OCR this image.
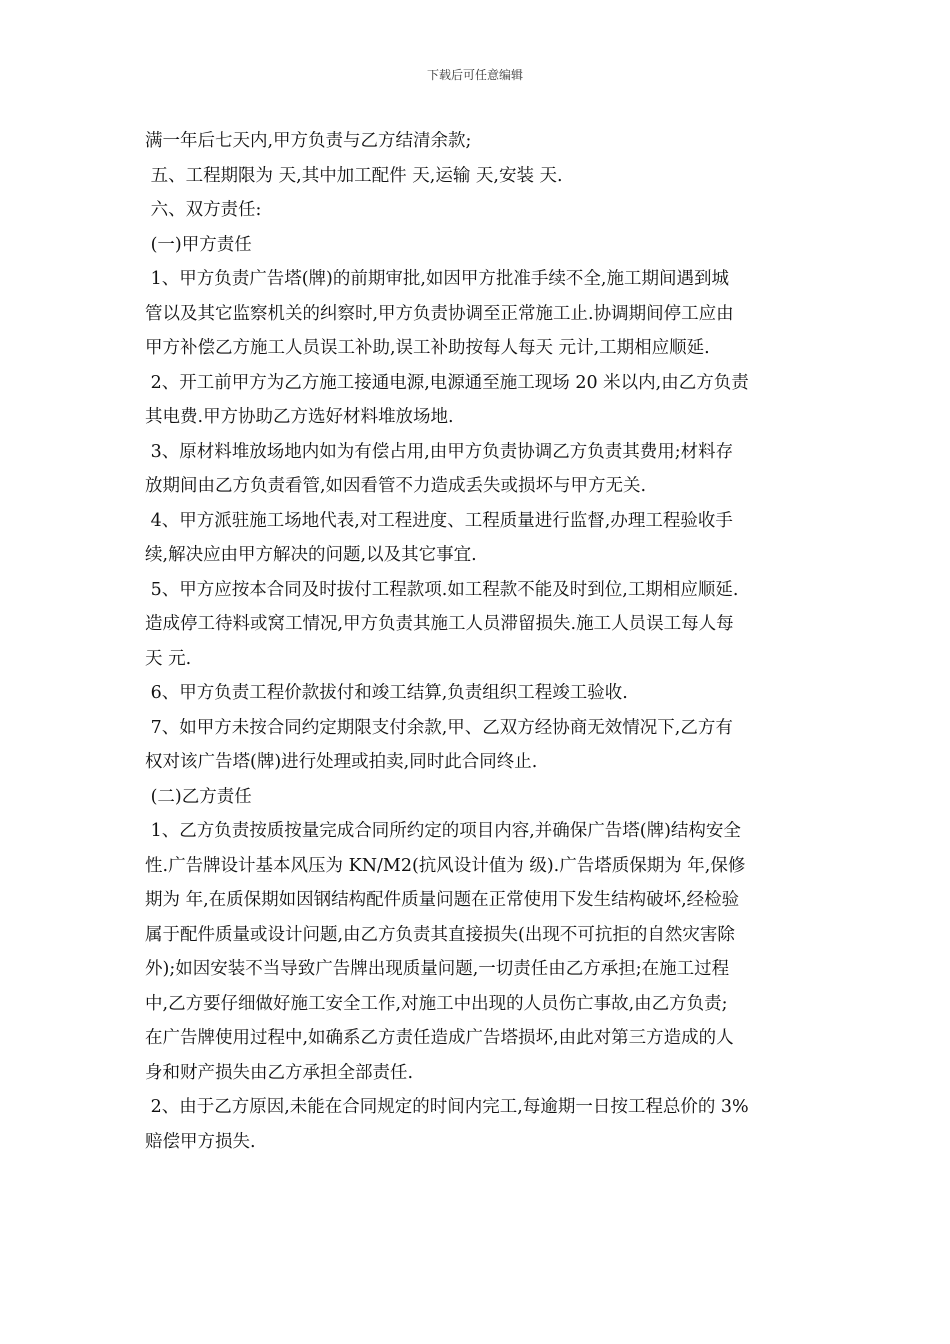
下载后可任意编辑
满一年后七天内,甲方负责与乙方结清余款;
五、工程期限为 天,其中加工配件 天,运输 天,安装 天.
六、双方责任:
(一)甲方责任
1、甲方负责广告塔(牌)的前期审批,如因甲方批准手续不全,施工期间遇到城
管以及其它监察机关的纠察时,甲方负责协调至正常施工止.协调期间停工应由
甲方补偿乙方施工人员误工补助,误工补助按每人每天 元计,工期相应顺延.
2、开工前甲方为乙方施工接通电源,电源通至施工现场 20 米以内,由乙方负责
其电费.甲方协助乙方选好材料堆放场地.
3、原材料堆放场地内如为有偿占用,由甲方负责协调乙方负责其费用;材料存
放期间由乙方负责看管,如因看管不力造成丢失或损坏与甲方无关.
4、甲方派驻施工场地代表,对工程进度、工程质量进行监督,办理工程验收手
续,解决应由甲方解决的问题,以及其它事宜.
5、甲方应按本合同及时拔付工程款项.如工程款不能及时到位,工期相应顺延.
造成停工待料或窝工情况,甲方负责其施工人员滞留损失.施工人员误工每人每
天 元.
6、甲方负责工程价款拔付和竣工结算,负责组织工程竣工验收.
7、如甲方未按合同约定期限支付余款,甲、乙双方经协商无效情况下,乙方有
权对该广告塔(牌)进行处理或拍卖,同时此合同终止.
(二)乙方责任
1、乙方负责按质按量完成合同所约定的项目内容,并确保广告塔(牌)结构安全
性.广告牌设计基本风压为 KN/M2(抗风设计值为 级).广告塔质保期为 年,保修
期为 年,在质保期如因钢结构配件质量问题在正常使用下发生结构破坏,经检验
属于配件质量或设计问题,由乙方负责其直接损失(出现不可抗拒的自然灾害除
外);如因安装不当导致广告牌出现质量问题,一切责任由乙方承担;在施工过程
中,乙方要仔细做好施工安全工作,对施工中出现的人员伤亡事故,由乙方负责;
在广告牌使用过程中,如确系乙方责任造成广告塔损坏,由此对第三方造成的人
身和财产损失由乙方承担全部责任.
2、由于乙方原因,未能在合同规定的时间内完工,每逾期一日按工程总价的 3%
赔偿甲方损失.
